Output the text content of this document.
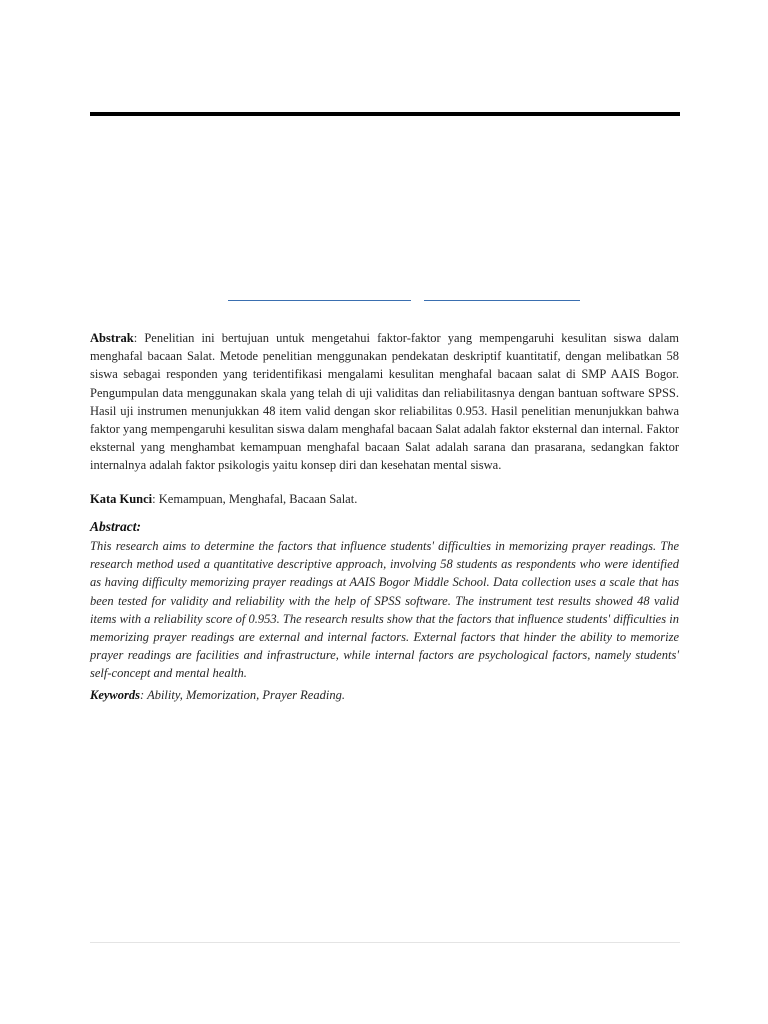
Abstrak: Penelitian ini bertujuan untuk mengetahui faktor-faktor yang mempengaruhi kesulitan siswa dalam menghafal bacaan Salat. Metode penelitian menggunakan pendekatan deskriptif kuantitatif, dengan melibatkan 58 siswa sebagai responden yang teridentifikasi mengalami kesulitan menghafal bacaan salat di SMP AAIS Bogor. Pengumpulan data menggunakan skala yang telah di uji validitas dan reliabilitasnya dengan bantuan software SPSS. Hasil uji instrumen menunjukkan 48 item valid dengan skor reliabilitas 0.953. Hasil penelitian menunjukkan bahwa faktor yang mempengaruhi kesulitan siswa dalam menghafal bacaan Salat adalah faktor eksternal dan internal. Faktor eksternal yang menghambat kemampuan menghafal bacaan Salat adalah sarana dan prasarana, sedangkan faktor internalnya adalah faktor psikologis yaitu konsep diri dan kesehatan mental siswa.
Kata Kunci: Kemampuan, Menghafal, Bacaan Salat.
Abstract:
This research aims to determine the factors that influence students' difficulties in memorizing prayer readings. The research method used a quantitative descriptive approach, involving 58 students as respondents who were identified as having difficulty memorizing prayer readings at AAIS Bogor Middle School. Data collection uses a scale that has been tested for validity and reliability with the help of SPSS software. The instrument test results showed 48 valid items with a reliability score of 0.953. The research results show that the factors that influence students' difficulties in memorizing prayer readings are external and internal factors. External factors that hinder the ability to memorize prayer readings are facilities and infrastructure, while internal factors are psychological factors, namely students' self-concept and mental health.
Keywords: Ability, Memorization, Prayer Reading.
